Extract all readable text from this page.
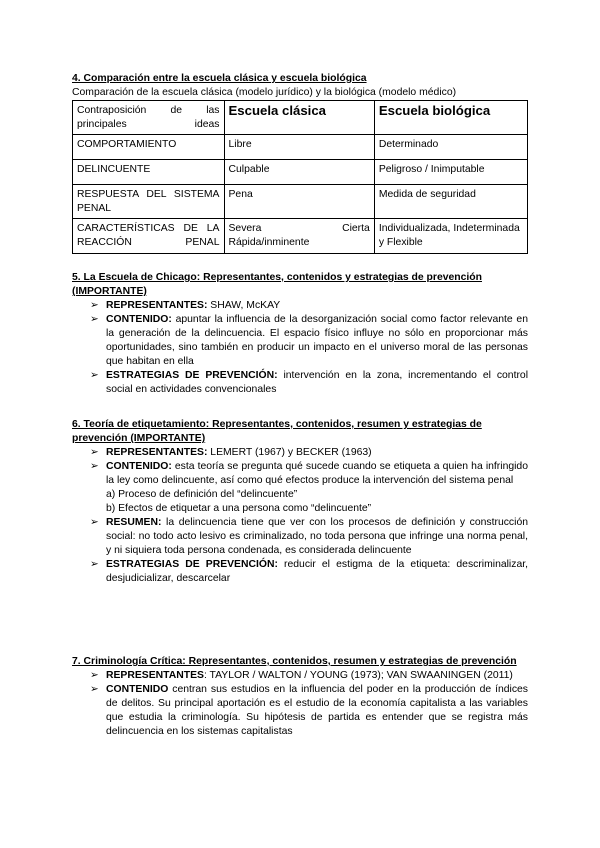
4. Comparación entre la escuela clásica y escuela biológica

Comparación de la escuela clásica (modelo jurídico) y la biológica (modelo médico)

Contraposición de las principales ideas	Escuela clásica	Escuela biológica
COMPORTAMIENTO	Libre	Determinado
DELINCUENTE	Culpable	Peligroso / Inimputable
RESPUESTA DEL SISTEMA PENAL	Pena	Medida de seguridad
CARACTERÍSTICAS DE LA REACCIÓN PENAL	Severa Cierta Rápida/inminente	Individualizada, Indeterminada y Flexible

5. La Escuela de Chicago: Representantes, contenidos y estrategias de prevención (IMPORTANTE)

➢ REPRESENTANTES: SHAW, McKAY

➢ CONTENIDO: apuntar la influencia de la desorganización social como factor relevante en la generación de la delincuencia. El espacio físico influye no sólo en proporcionar más oportunidades, sino también en producir un impacto en el universo moral de las personas que habitan en ella

➢ ESTRATEGIAS DE PREVENCIÓN: intervención en la zona, incrementando el control social en actividades convencionales

6. Teoría de etiquetamiento: Representantes, contenidos, resumen y estrategias de prevención (IMPORTANTE)

➢ REPRESENTANTES: LEMERT (1967) y BECKER (1963)

➢ CONTENIDO: esta teoría se pregunta qué sucede cuando se etiqueta a quien ha infringido la ley como delincuente, así como qué efectos produce la intervención del sistema penal

a) Proceso de definición del “delincuente”

b) Efectos de etiquetar a una persona como “delincuente”

➢ RESUMEN: la delincuencia tiene que ver con los procesos de definición y construcción social: no todo acto lesivo es criminalizado, no toda persona que infringe una norma penal, y ni siquiera toda persona condenada, es considerada delincuente

➢ ESTRATEGIAS DE PREVENCIÓN: reducir el estigma de la etiqueta: descriminalizar, desjudicializar, descarcelar

7. Criminología Crítica: Representantes, contenidos, resumen y estrategias de prevención

➢ REPRESENTANTES: TAYLOR / WALTON / YOUNG (1973); VAN SWAANINGEN (2011)

➢ CONTENIDO centran sus estudios en la influencia del poder en la producción de índices de delitos. Su principal aportación es el estudio de la economía capitalista a las variables que estudia la criminología. Su hipótesis de partida es entender que se registra más delincuencia en los sistemas capitalistas
